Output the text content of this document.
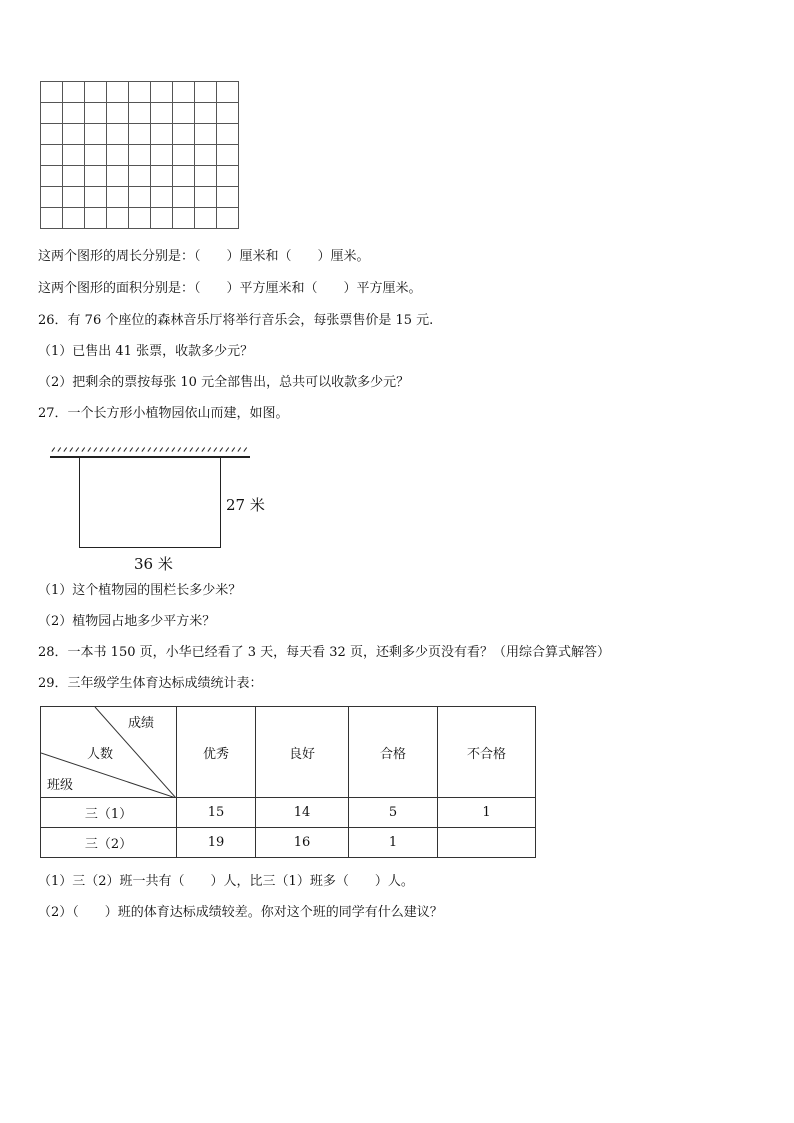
这两个图形的周长分别是：（　　）厘米和（　　）厘米。
这两个图形的面积分别是：（　　）平方厘米和（　　）平方厘米。
26．有 76 个座位的森林音乐厅将举行音乐会，每张票售价是 15 元.
（1）已售出 41 张票，收款多少元？
（2）把剩余的票按每张 10 元全部售出，总共可以收款多少元？
27．一个长方形小植物园依山而建，如图。
27 米
36 米
（1）这个植物园的围栏长多少米？
（2）植物园占地多少平方米？
28．一本书 150 页，小华已经看了 3 天，每天看 32 页，还剩多少页没有看？（用综合算式解答）
29．三年级学生体育达标成绩统计表：
成绩
人数
班级	优秀	良好	合格	不合格
三（1）	15	14	5	1
三（2）	19	16	1	
（1）三（2）班一共有（　　）人，比三（1）班多（　　）人。
（2）（　　）班的体育达标成绩较差。你对这个班的同学有什么建议？
